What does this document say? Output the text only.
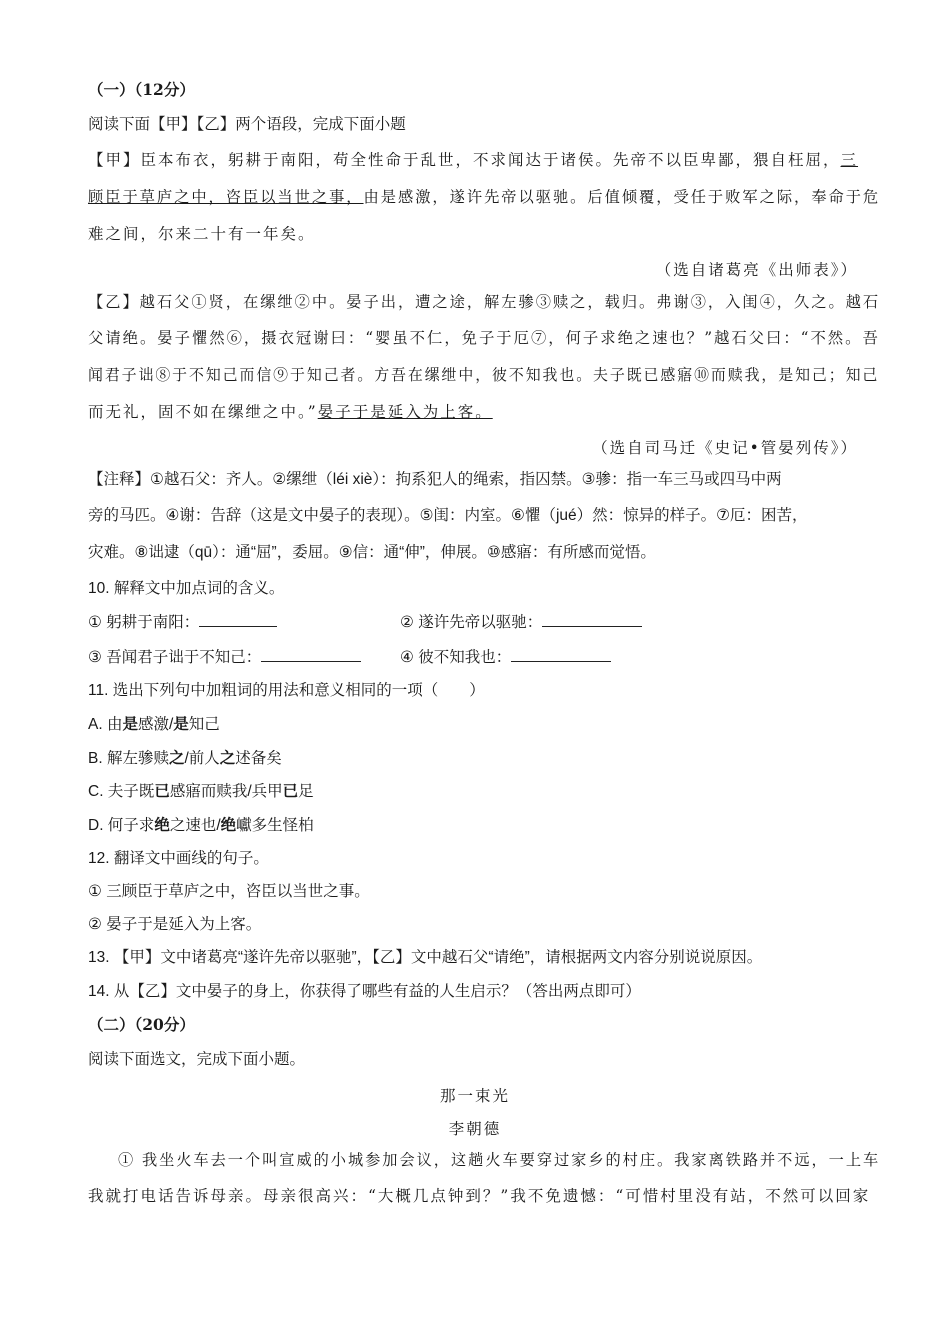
（一）（12分）
阅读下面【甲】【乙】两个语段，完成下面小题
【甲】臣本布衣，躬耕于南阳，苟全性命于乱世，不求闻达于诸侯。先帝不以臣卑鄙，猥自枉屈，三
顾臣于草庐之中，咨臣以当世之事，由是感激，遂许先帝以驱驰。后值倾覆，受任于败军之际，奉命于危
难之间，尔来二十有一年矣。
（选自诸葛亮《出师表》）
【乙】越石父①贤，在缧绁②中。晏子出，遭之途，解左骖③赎之，载归。弗谢③，入闺④，久之。越石
父请绝。晏子懼然⑥，摄衣冠谢曰：“婴虽不仁，免子于厄⑦，何子求绝之速也？”越石父曰：“不然。吾
闻君子诎⑧于不知己而信⑨于知己者。方吾在缧绁中，彼不知我也。夫子既已感寤⑩而赎我，是知己；知己
而无礼，固不如在缧绁之中。”晏子于是延入为上客。
（选自司马迁《史记•管晏列传》）
【注释】①越石父：齐人。②缧绁（léi xiè）：拘系犯人的绳索，指囚禁。③骖：指一车三马或四马中两
旁的马匹。④谢：告辞（这是文中晏子的表现）。⑤闺：内室。⑥懼（jué）然：惊异的样子。⑦厄：困苦，
灾难。⑧诎逮（qū）：通“屈”，委屈。⑨信：通“伸”，伸展。⑩感寤：有所感而觉悟。
10. 解释文中加点词的含义。
① 躬耕于南阳：	② 遂许先帝以驱驰：
③ 吾闻君子诎于不知己：	④ 彼不知我也：
11. 选出下列句中加粗词的用法和意义相同的一项（　　）
A. 由是感激/是知己
B. 解左骖赎之/前人之述备矣
C. 夫子既已感寤而赎我/兵甲已足
D. 何子求绝之速也/绝巘多生怪柏
12. 翻译文中画线的句子。
① 三顾臣于草庐之中，咨臣以当世之事。
② 晏子于是延入为上客。
13. 【甲】文中诸葛亮“遂许先帝以驱驰”，【乙】文中越石父“请绝”，请根据两文内容分别说说原因。
14. 从【乙】文中晏子的身上，你获得了哪些有益的人生启示？（答出两点即可）
（二）（20分）
阅读下面选文，完成下面小题。
那一束光
李朝德
① 我坐火车去一个叫宣威的小城参加会议，这趟火车要穿过家乡的村庄。我家离铁路并不远，一上车
我就打电话告诉母亲。母亲很高兴：“大概几点钟到？”我不免遗憾：“可惜村里没有站，不然可以回家
